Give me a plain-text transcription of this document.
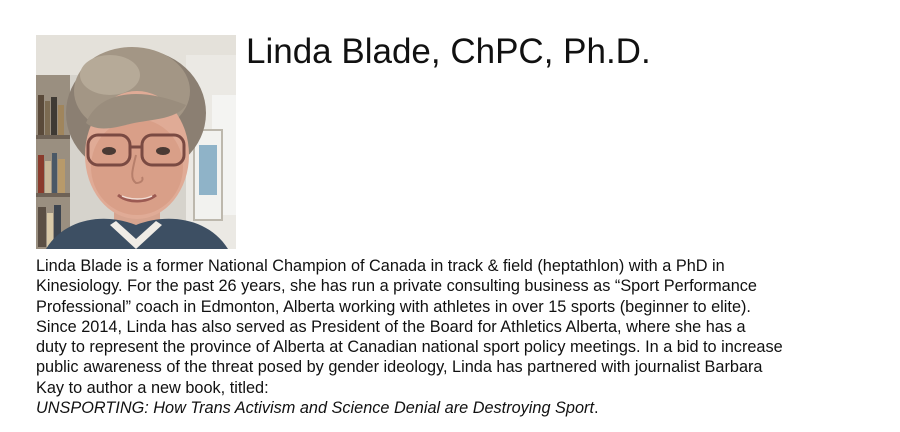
Linda Blade, ChPC, Ph.D.
Linda Blade is a former National Champion of Canada in track & field (heptathlon) with a PhD in
Kinesiology. For the past 26 years, she has run a private consulting business as “Sport Performance
Professional” coach in Edmonton, Alberta working with athletes in over 15 sports (beginner to elite).
Since 2014, Linda has also served as President of the Board for Athletics Alberta, where she has a
duty to represent the province of Alberta at Canadian national sport policy meetings. In a bid to increase
public awareness of the threat posed by gender ideology, Linda has partnered with journalist Barbara
Kay to author a new book, titled:
UNSPORTING: How Trans Activism and Science Denial are Destroying Sport.
